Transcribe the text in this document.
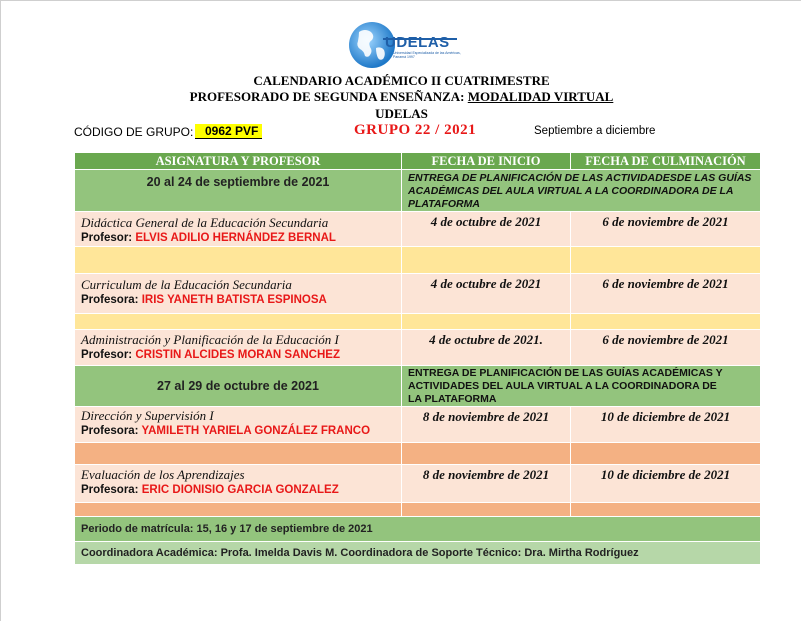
UDELAS
Universidad Especializada de las Américas, Panamá 1997
CALENDARIO ACADÉMICO II CUATRIMESTRE
PROFESORADO DE SEGUNDA ENSEÑANZA: MODALIDAD VIRTUAL
UDELAS
CÓDIGO DE GRUPO: 0962 PVF	GRUPO 22 / 2021	Septiembre a diciembre
ASIGNATURA Y PROFESOR	FECHA DE INICIO	FECHA DE CULMINACIÓN
20 al 24 de septiembre de 2021	ENTREGA DE PLANIFICACIÓN DE LAS ACTIVIDADESDE LAS GUÍAS ACADÉMICAS DEL AULA VIRTUAL A LA COORDINADORA DE LA PLATAFORMA	

Didáctica General de la Educación Secundaria
Profesor: ELVIS ADILIO HERNÁNDEZ BERNAL	4 de octubre de 2021	6 de noviembre de 2021

Curriculum de la Educación Secundaria
Profesora: IRIS YANETH BATISTA ESPINOSA	4 de octubre de 2021	6 de noviembre de 2021

Administración y Planificación de la Educación I
Profesor: CRISTIN ALCIDES MORAN SANCHEZ	4 de octubre de 2021.	6 de noviembre de 2021
27 al 29 de octubre de 2021	ENTREGA DE PLANIFICACIÓN DE LAS GUÍAS ACADÉMICAS Y ACTIVIDADES DEL AULA VIRTUAL A LA COORDINADORA DE LA PLATAFORMA	

Dirección y Supervisión I
Profesora: YAMILETH YARIELA GONZÁLEZ FRANCO	8 de noviembre de 2021	10 de diciembre de 2021

Evaluación de los Aprendizajes
Profesora: ERIC DIONISIO GARCIA GONZALEZ	8 de noviembre de 2021	10 de diciembre de 2021

Periodo de matrícula: 15, 16 y 17 de septiembre de 2021		
Coordinadora Académica: Profa. Imelda Davis M. Coordinadora de Soporte Técnico: Dra. Mirtha Rodríguez		
